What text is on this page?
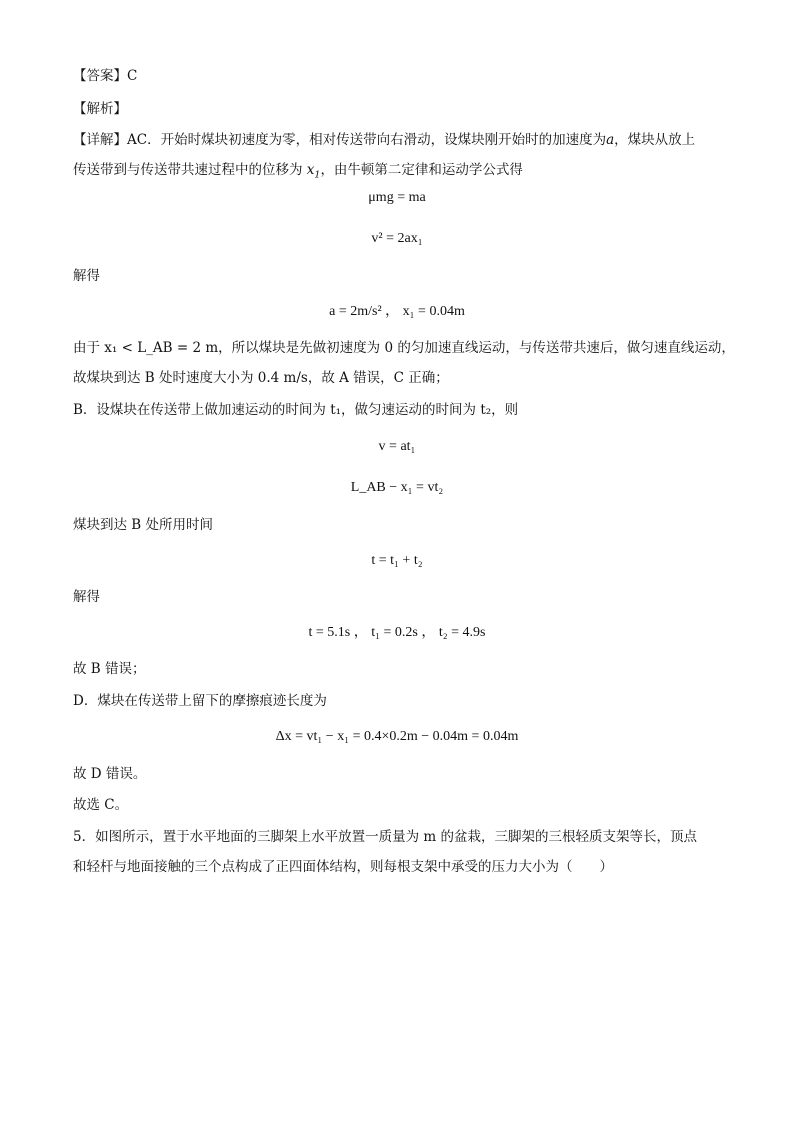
【答案】C
【解析】
【详解】AC．开始时煤块初速度为零，相对传送带向右滑动，设煤块刚开始时的加速度为a，煤块从放上
传送带到与传送带共速过程中的位移为 $x_1$，由牛顿第二定律和运动学公式得
μmg = ma
v² = 2ax₁
解得
a = 2m/s² ， x₁ = 0.04m
由于 x₁ < L_AB = 2 m，所以煤块是先做初速度为 0 的匀加速直线运动，与传送带共速后，做匀速直线运动，
故煤块到达 B 处时速度大小为 0.4 m/s，故 A 错误，C 正确；
B．设煤块在传送带上做加速运动的时间为 t₁，做匀速运动的时间为 t₂，则
v = at₁
L_AB − x₁ = vt₂
煤块到达 B 处所用时间
t = t₁ + t₂
解得
t = 5.1s ， t₁ = 0.2s ， t₂ = 4.9s
故 B 错误；
D．煤块在传送带上留下的摩擦痕迹长度为
Δx = vt₁ − x₁ = 0.4×0.2m − 0.04m = 0.04m
故 D 错误。
故选 C。
5．如图所示，置于水平地面的三脚架上水平放置一质量为 m 的盆栽，三脚架的三根轻质支架等长，顶点
和轻杆与地面接触的三个点构成了正四面体结构，则每根支架中承受的压力大小为（　　）
